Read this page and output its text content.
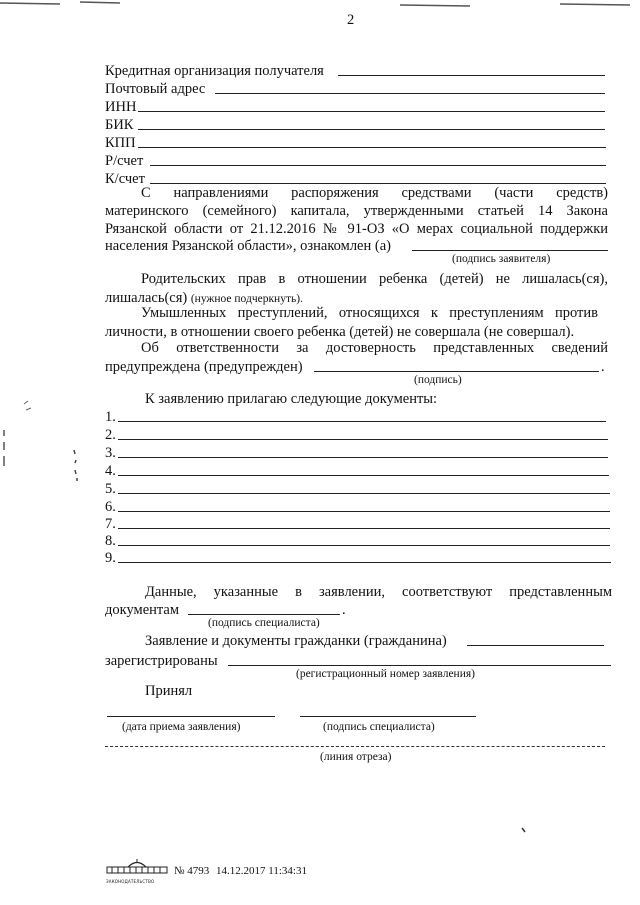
2
Кредитная организация получателя
Почтовый адрес
ИНН
БИК
КПП
Р/счет
К/счет
С направлениями распоряжения средствами (части средств)
материнского (семейного) капитала, утвержденными статьей 14 Закона
Рязанской области от 21.12.2016 № 91-ОЗ «О мерах социальной поддержки
населения Рязанской области», ознакомлен (а)
(подпись заявителя)
Родительских прав в отношении ребенка (детей) не лишалась(ся),
лишалась(ся) (нужное подчеркнуть).
Умышленных преступлений, относящихся к преступлениям против
личности, в отношении своего ребенка (детей) не совершала (не совершал).
Об ответственности за достоверность представленных сведений
предупреждена (предупрежден)	.
(подпись)
К заявлению прилагаю следующие документы:
1.
2.
3.
4.
5.
6.
7.
8.
9.
Данные, указанные в заявлении, соответствуют представленным
документам	.
(подпись специалиста)
Заявление и документы гражданки (гражданина)
зарегистрированы
(регистрационный номер заявления)
Принял
(дата приема заявления)	(подпись специалиста)
(линия отреза)
ЗАКОНОДАТЕЛЬСТВО
№ 4793 14.12.2017 11:34:31
